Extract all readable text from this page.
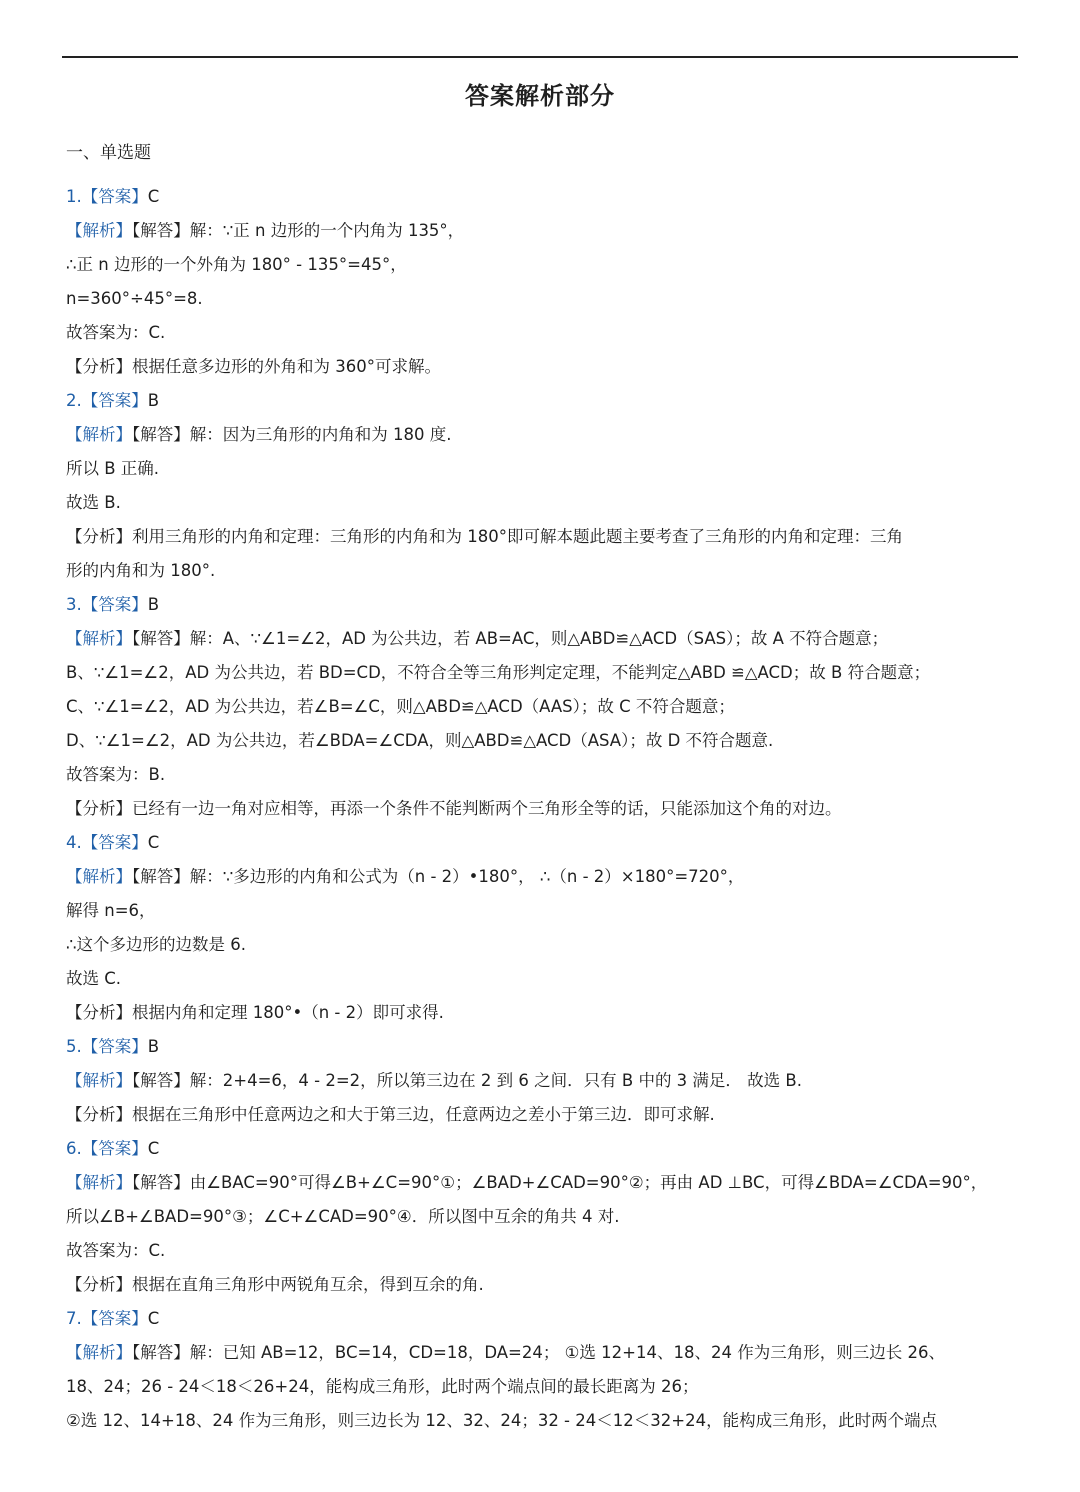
答案解析部分
一、单选题
1.【答案】C
【解析】【解答】解：∵正 n 边形的一个内角为 135°，
∴正 n 边形的一个外角为 180° - 135°=45°，
n=360°÷45°=8.
故答案为：C.
【分析】根据任意多边形的外角和为 360°可求解。
2.【答案】B
【解析】【解答】解：因为三角形的内角和为 180 度.
所以 B 正确.
故选 B.
【分析】利用三角形的内角和定理：三角形的内角和为 180°即可解本题此题主要考查了三角形的内角和定理：三角
形的内角和为 180°.
3.【答案】B
【解析】【解答】解：A、∵∠1=∠2，AD 为公共边，若 AB=AC，则△ABD≌△ACD（SAS）；故 A 不符合题意；
B、∵∠1=∠2，AD 为公共边，若 BD=CD，不符合全等三角形判定定理，不能判定△ABD ≌△ACD；故 B 符合题意；
C、∵∠1=∠2，AD 为公共边，若∠B=∠C，则△ABD≌△ACD（AAS）；故 C 不符合题意；
D、∵∠1=∠2，AD 为公共边，若∠BDA=∠CDA，则△ABD≌△ACD（ASA）；故 D 不符合题意.
故答案为：B.
【分析】已经有一边一角对应相等，再添一个条件不能判断两个三角形全等的话，只能添加这个角的对边。
4.【答案】C
【解析】【解答】解：∵多边形的内角和公式为（n - 2）•180°， ∴（n - 2）×180°=720°，
解得 n=6，
∴这个多边形的边数是 6.
故选 C.
【分析】根据内角和定理 180°•（n - 2）即可求得.
5.【答案】B
【解析】【解答】解：2+4=6，4 - 2=2，所以第三边在 2 到 6 之间．只有 B 中的 3 满足． 故选 B.
【分析】根据在三角形中任意两边之和大于第三边，任意两边之差小于第三边．即可求解.
6.【答案】C
【解析】【解答】由∠BAC=90°可得∠B+∠C=90°①；∠BAD+∠CAD=90°②；再由 AD ⊥BC，可得∠BDA=∠CDA=90°，
所以∠B+∠BAD=90°③；∠C+∠CAD=90°④．所以图中互余的角共 4 对.
故答案为：C.
【分析】根据在直角三角形中两锐角互余，得到互余的角.
7.【答案】C
【解析】【解答】解：已知 AB=12，BC=14，CD=18，DA=24； ①选 12+14、18、24 作为三角形，则三边长 26、
18、24；26 - 24＜18＜26+24，能构成三角形，此时两个端点间的最长距离为 26；
②选 12、14+18、24 作为三角形，则三边长为 12、32、24；32 - 24＜12＜32+24，能构成三角形，此时两个端点
